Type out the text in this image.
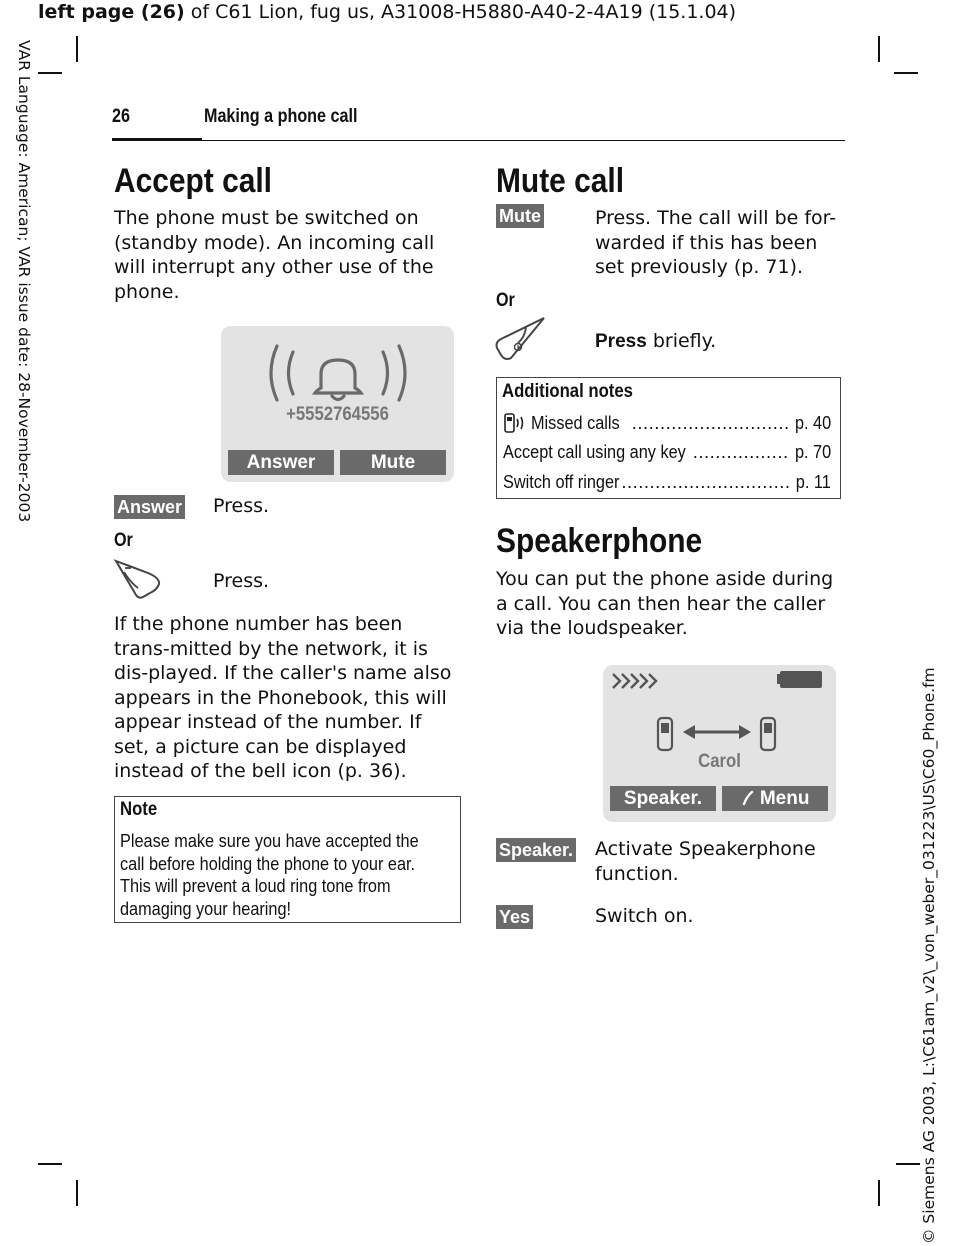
left page (26) of C61 Lion, fug us, A31008-H5880-A40-2-4A19 (15.1.04)
VAR Language: American; VAR issue date: 28-November-2003
© Siemens AG 2003, L:\C61am_v2\_von_weber_031223\US\C60_Phone.fm
26	Making a phone call
Accept call
The phone must be switched on (standby mode). An incoming call will interrupt any other use of the phone.
+5552764556
Answer	Mute
Answer Press.
Or
Press.
If the phone number has been trans-mitted by the network, it is dis-played. If the caller's name also appears in the Phonebook, this will appear instead of the number. If set, a picture can be displayed instead of the bell icon (p. 36).
Note
Please make sure you have accepted the call before holding the phone to your ear. This will prevent a loud ring tone from damaging your hearing!
Mute call
Mute	Press. The call will be for-warded if this has been set previously (p. 71).
Or
Press briefly.
Additional notes
Missed calls .....	p. 40
Accept call using any key .....	p. 70
Switch off ringer .....	p. 11
Speakerphone
You can put the phone aside during a call. You can then hear the caller via the loudspeaker.
Carol
Speaker.	Menu
Speaker. Activate Speakerphone function.
Yes	Switch on.
